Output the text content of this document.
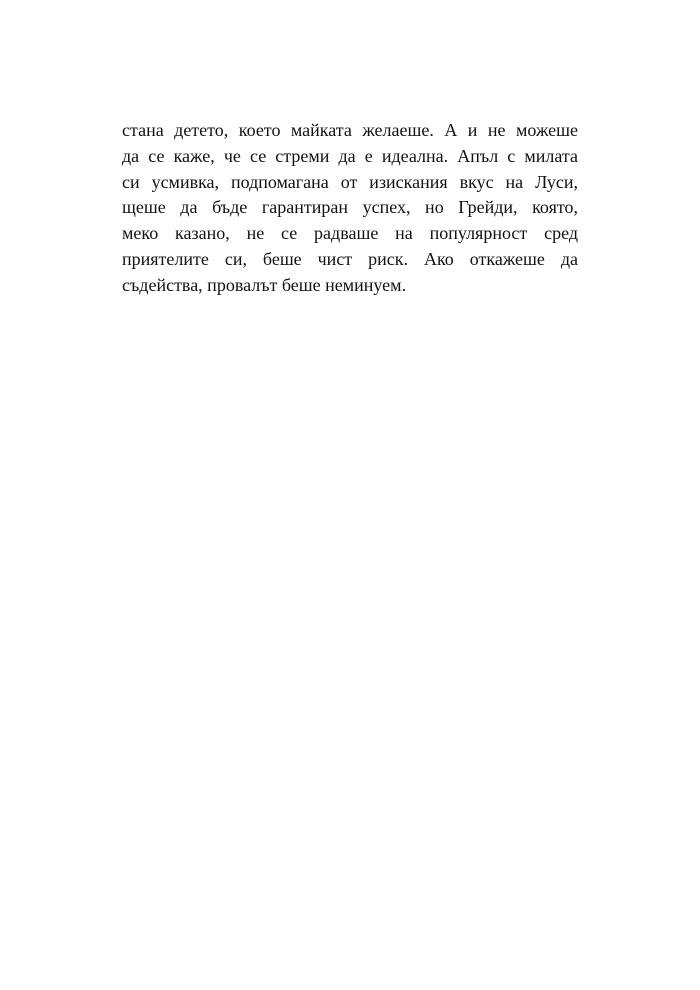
стана детето, което майката желаеше. А и не можеше
да се каже, че се стреми да е идеална. Апъл с милата
си усмивка, подпомагана от изискания вкус на Луси,
щеше да бъде гарантиран успех, но Грейди, която,
меко казано, не се радваше на популярност сред
приятелите си, беше чист риск. Ако откажеше да
съдейства, провалът беше неминуем.
